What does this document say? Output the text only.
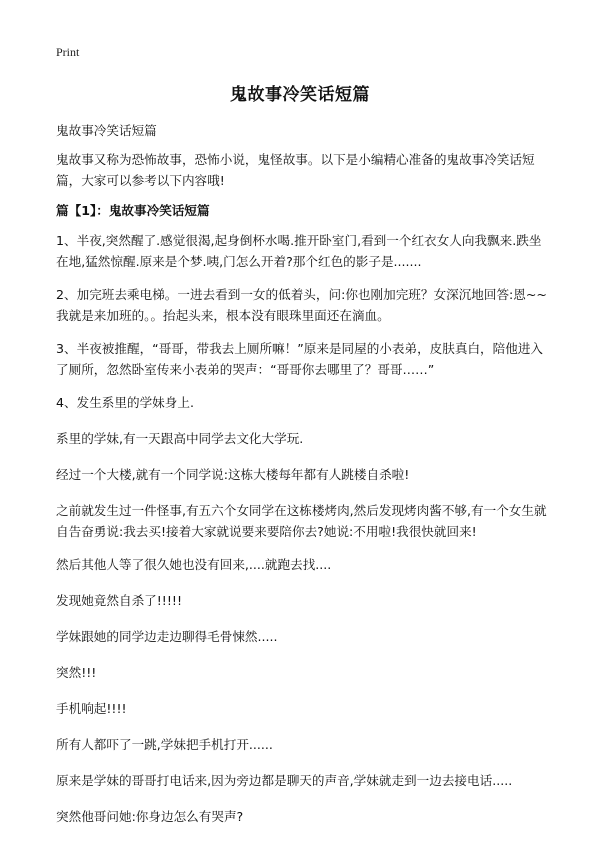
Print
鬼故事冷笑话短篇

鬼故事冷笑话短篇

鬼故事又称为恐怖故事，恐怖小说，鬼怪故事。以下是小编精心准备的鬼故事冷笑话短篇，大家可以参考以下内容哦!

篇【1】：鬼故事冷笑话短篇

1、半夜,突然醒了.感觉很渴,起身倒杯水喝.推开卧室门,看到一个红衣女人向我飘来.跌坐在地,猛然惊醒.原来是个梦.咦,门怎么开着?那个红色的影子是.......

2、加完班去乘电梯。一进去看到一女的低着头，问:你也刚加完班？女深沉地回答:恩~~我就是来加班的。。抬起头来，根本没有眼珠里面还在滴血。

3、半夜被推醒，“哥哥，带我去上厕所嘛！”原来是同屋的小表弟，皮肤真白，陪他进入了厕所，忽然卧室传来小表弟的哭声：“哥哥你去哪里了？哥哥……”

4、发生系里的学妹身上.

系里的学妹,有一天跟高中同学去文化大学玩.

经过一个大楼,就有一个同学说:这栋大楼每年都有人跳楼自杀啦!

之前就发生过一件怪事,有五六个女同学在这栋楼烤肉,然后发现烤肉酱不够,有一个女生就自告奋勇说:我去买!接着大家就说要来要陪你去?她说:不用啦!我很快就回来!

然后其他人等了很久她也没有回来,....就跑去找....

发现她竟然自杀了!!!!!

学妹跟她的同学边走边聊得毛骨悚然.....

突然!!!

手机响起!!!!

所有人都吓了一跳,学妹把手机打开......

原来是学妹的哥哥打电话来,因为旁边都是聊天的声音,学妹就走到一边去接电话.....

突然他哥问她:你身边怎么有哭声?
